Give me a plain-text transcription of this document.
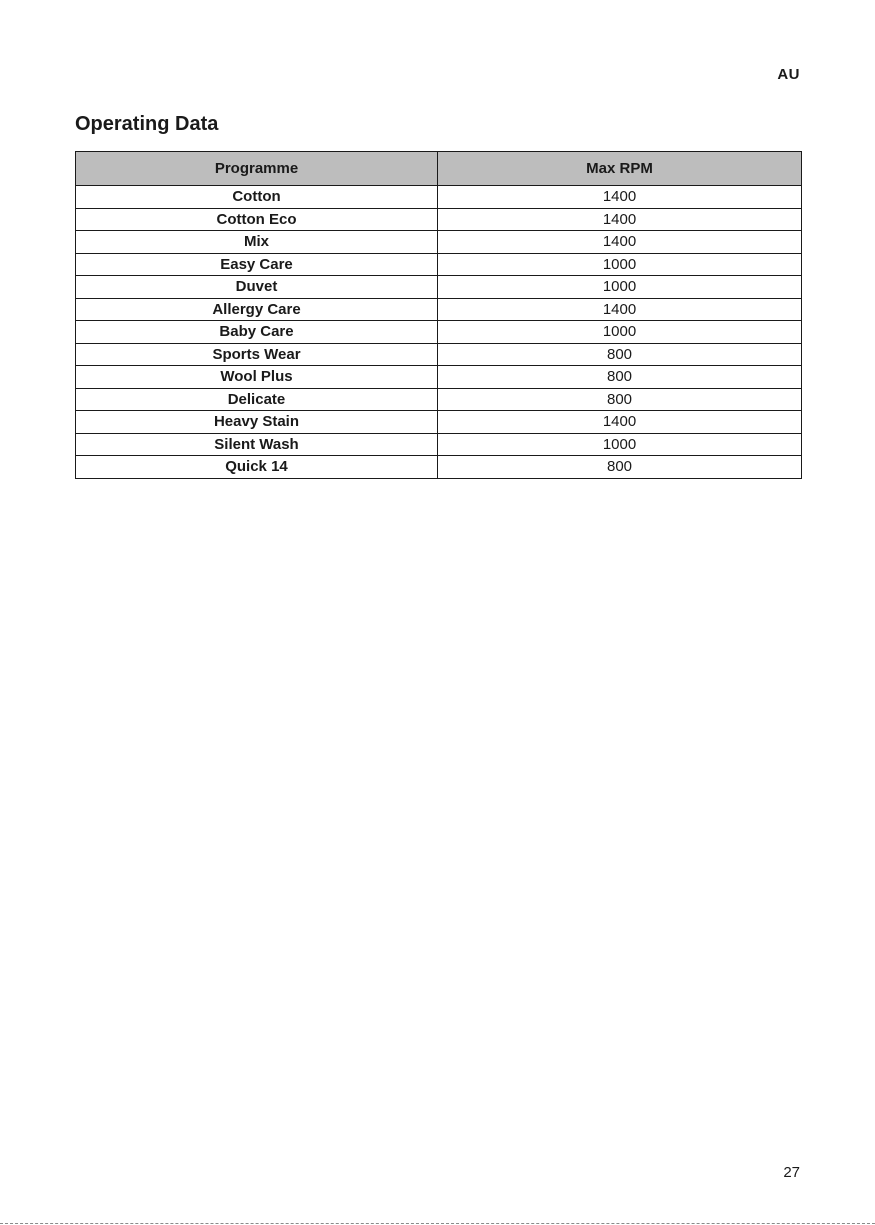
AU
Operating Data
Programme	Max RPM
Cotton	1400
Cotton Eco	1400
Mix	1400
Easy Care	1000
Duvet	1000
Allergy Care	1400
Baby Care	1000
Sports Wear	800
Wool Plus	800
Delicate	800
Heavy Stain	1400
Silent Wash	1000
Quick 14	800
27
